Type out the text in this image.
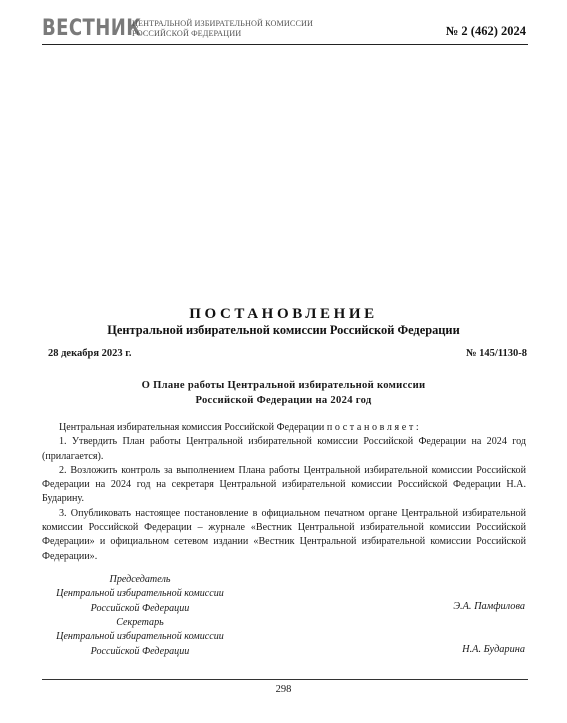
ВЕСТНИК
ЦЕНТРАЛЬНОЙ ИЗБИРАТЕЛЬНОЙ КОМИССИИ
РОССИЙСКОЙ ФЕДЕРАЦИИ	№ 2 (462) 2024
ПОСТАНОВЛЕНИЕ
Центральной избирательной комиссии Российской Федерации
28 декабря 2023 г.	№ 145/1130-8
О Плане работы Центральной избирательной комиссии
Российской Федерации на 2024 год

Центральная избирательная комиссия Российской Федерации постановляет:

1. Утвердить План работы Центральной избирательной комиссии Российской Федерации на 2024 год (прилагается).

2. Возложить контроль за выполнением Плана работы Центральной избирательной комиссии Российской Федерации на 2024 год на секретаря Центральной избирательной комиссии Российской Федерации Н.А. Бударину.

3. Опубликовать настоящее постановление в официальном печатном органе Центральной избирательной комиссии Российской Федерации – журнале «Вестник Центральной избирательной комиссии Российской Федерации» и официальном сетевом издании «Вестник Центральной избирательной комиссии Российской Федерации».

Председатель
Центральной избирательной комиссии
Российской Федерации	Э.А. Памфилова
Секретарь
Центральной избирательной комиссии
Российской Федерации	Н.А. Бударина
298
